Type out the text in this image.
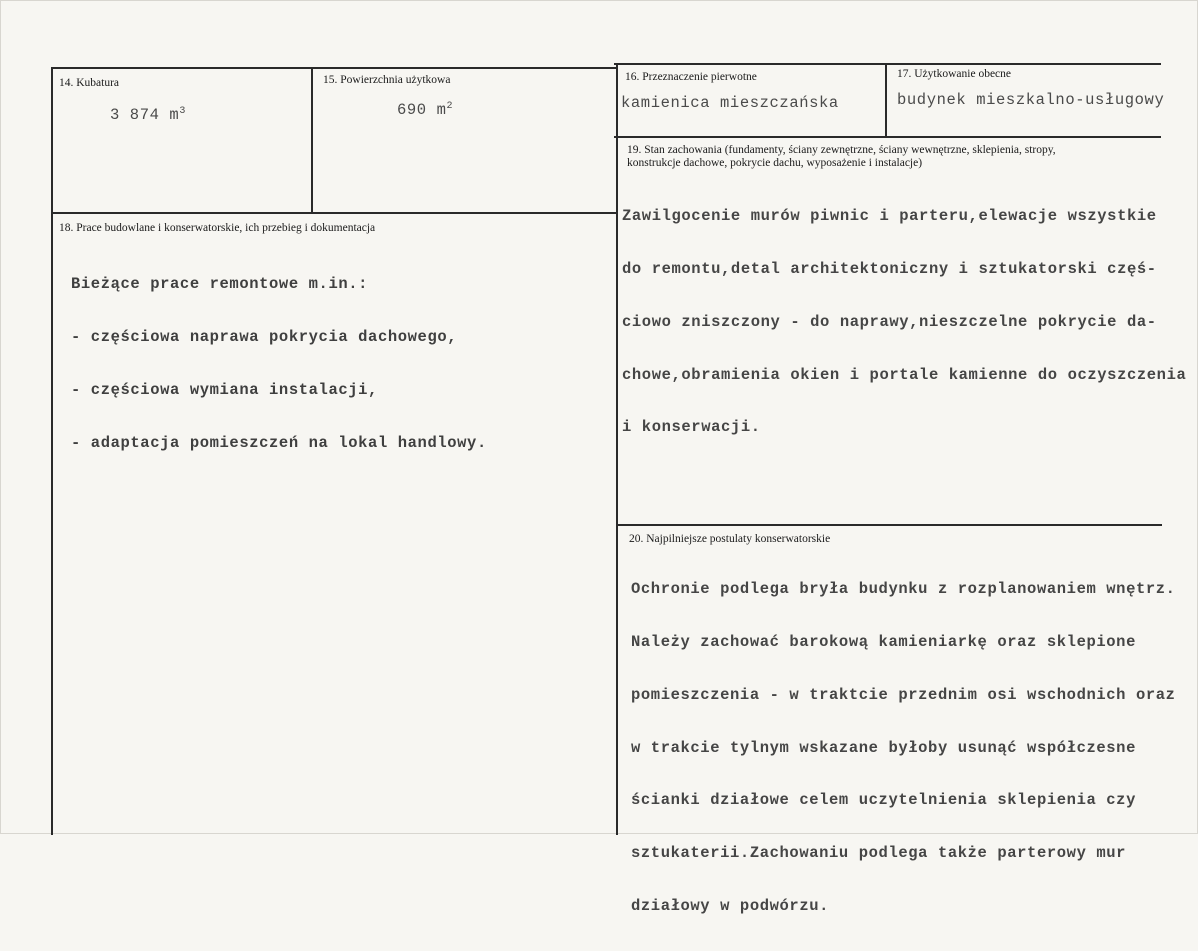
14. Kubatura
3 874 $m^3$
15. Powierzchnia użytkowa
690 $m^2$
16. Przeznaczenie pierwotne
kamienica mieszczańska
17. Użytkowanie obecne
budynek mieszkalno-usługowy
18. Prace budowlane i konserwatorskie, ich przebieg i dokumentacja

Bieżące prace remontowe m.in.:

- częściowa naprawa pokrycia dachowego,

- częściowa wymiana instalacji,

- adaptacja pomieszczeń na lokal handlowy.

19. Stan zachowania (fundamenty, ściany zewnętrzne, ściany wewnętrzne, sklepienia, stropy,
konstrukcje dachowe, pokrycie dachu, wyposażenie i instalacje)

Zawilgocenie murów piwnic i parteru,elewacje wszystkie

do remontu,detal architektoniczny i sztukatorski częś-

ciowo zniszczony - do naprawy,nieszczelne pokrycie da-

chowe,obramienia okien i portale kamienne do oczyszczenia

i konserwacji.

20. Najpilniejsze postulaty konserwatorskie

Ochronie podlega bryła budynku z rozplanowaniem wnętrz.

Należy zachować barokową kamieniarkę oraz sklepione

pomieszczenia - w traktcie przednim osi wschodnich oraz

w trakcie tylnym wskazane byłoby usunąć współczesne

ścianki działowe celem uczytelnienia sklepienia czy

sztukaterii.Zachowaniu podlega także parterowy mur

działowy w podwórzu.
